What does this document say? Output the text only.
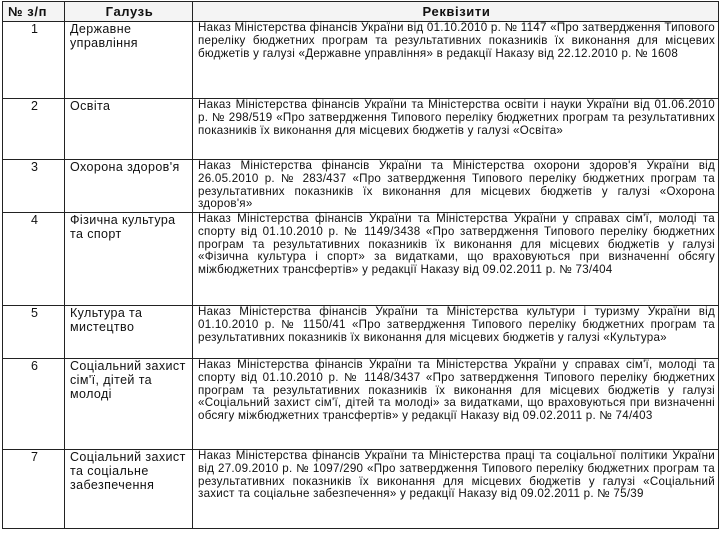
№ з/п	Галузь	Реквізити
1	Державне управління	Наказ Міністерства фінансів України від 01.10.2010 р. № 1147 «Про затвердження Типового переліку бюджетних програм та результативних показників їх виконання для місцевих бюджетів у галузі «Державне управління» в редакції Наказу від 22.12.2010 р. № 1608
2	Освіта	Наказ Міністерства фінансів України та Міністерства освіти і науки України від 01.06.2010 р. № 298/519 «Про затвердження Типового переліку бюджетних програм та результативних показників їх виконання для місцевих бюджетів у галузі «Освіта»
3	Охорона здоров'я	Наказ Міністерства фінансів України та Міністерства охорони здоров'я України від 26.05.2010 р. № 283/437 «Про затвердження Типового переліку бюджетних програм та результативних показників їх виконання для місцевих бюджетів у галузі «Охорона здоров'я»
4	Фізична культура та спорт	Наказ Міністерства фінансів України та Міністерства України у справах сім'ї, молоді та спорту від 01.10.2010 р. № 1149/3438 «Про затвердження Типового переліку бюджетних програм та результативних показників їх виконання для місцевих бюджетів у галузі «Фізична культура і спорт» за видатками, що враховуються при визначенні обсягу міжбюджетних трансфертів» у редакції Наказу від 09.02.2011 р. № 73/404
5	Культура та мистецтво	Наказ Міністерства фінансів України та Міністерства культури і туризму України від 01.10.2010 р. № 1150/41 «Про затвердження Типового переліку бюджетних програм та результативних показників їх виконання для місцевих бюджетів у галузі «Культура»
6	Соціальний захист сім'ї, дітей та молоді	Наказ Міністерства фінансів України та Міністерства України у справах сім'ї, молоді та спорту від 01.10.2010 р. № 1148/3437 «Про затвердження Типового переліку бюджетних програм та результативних показників їх виконання для місцевих бюджетів у галузі «Соціальний захист сім'ї, дітей та молоді» за видатками, що враховуються при визначенні обсягу міжбюджетних трансфертів» у редакції Наказу від 09.02.2011 р. № 74/403
7	Соціальний захист та соціальне забезпечення	Наказ Міністерства фінансів України та Міністерства праці та соціальної політики України від 27.09.2010 р. № 1097/290 «Про затвердження Типового переліку бюджетних програм та результативних показників їх виконання для місцевих бюджетів у галузі «Соціальний захист та соціальне забезпечення» у редакції Наказу від 09.02.2011 р. № 75/39
